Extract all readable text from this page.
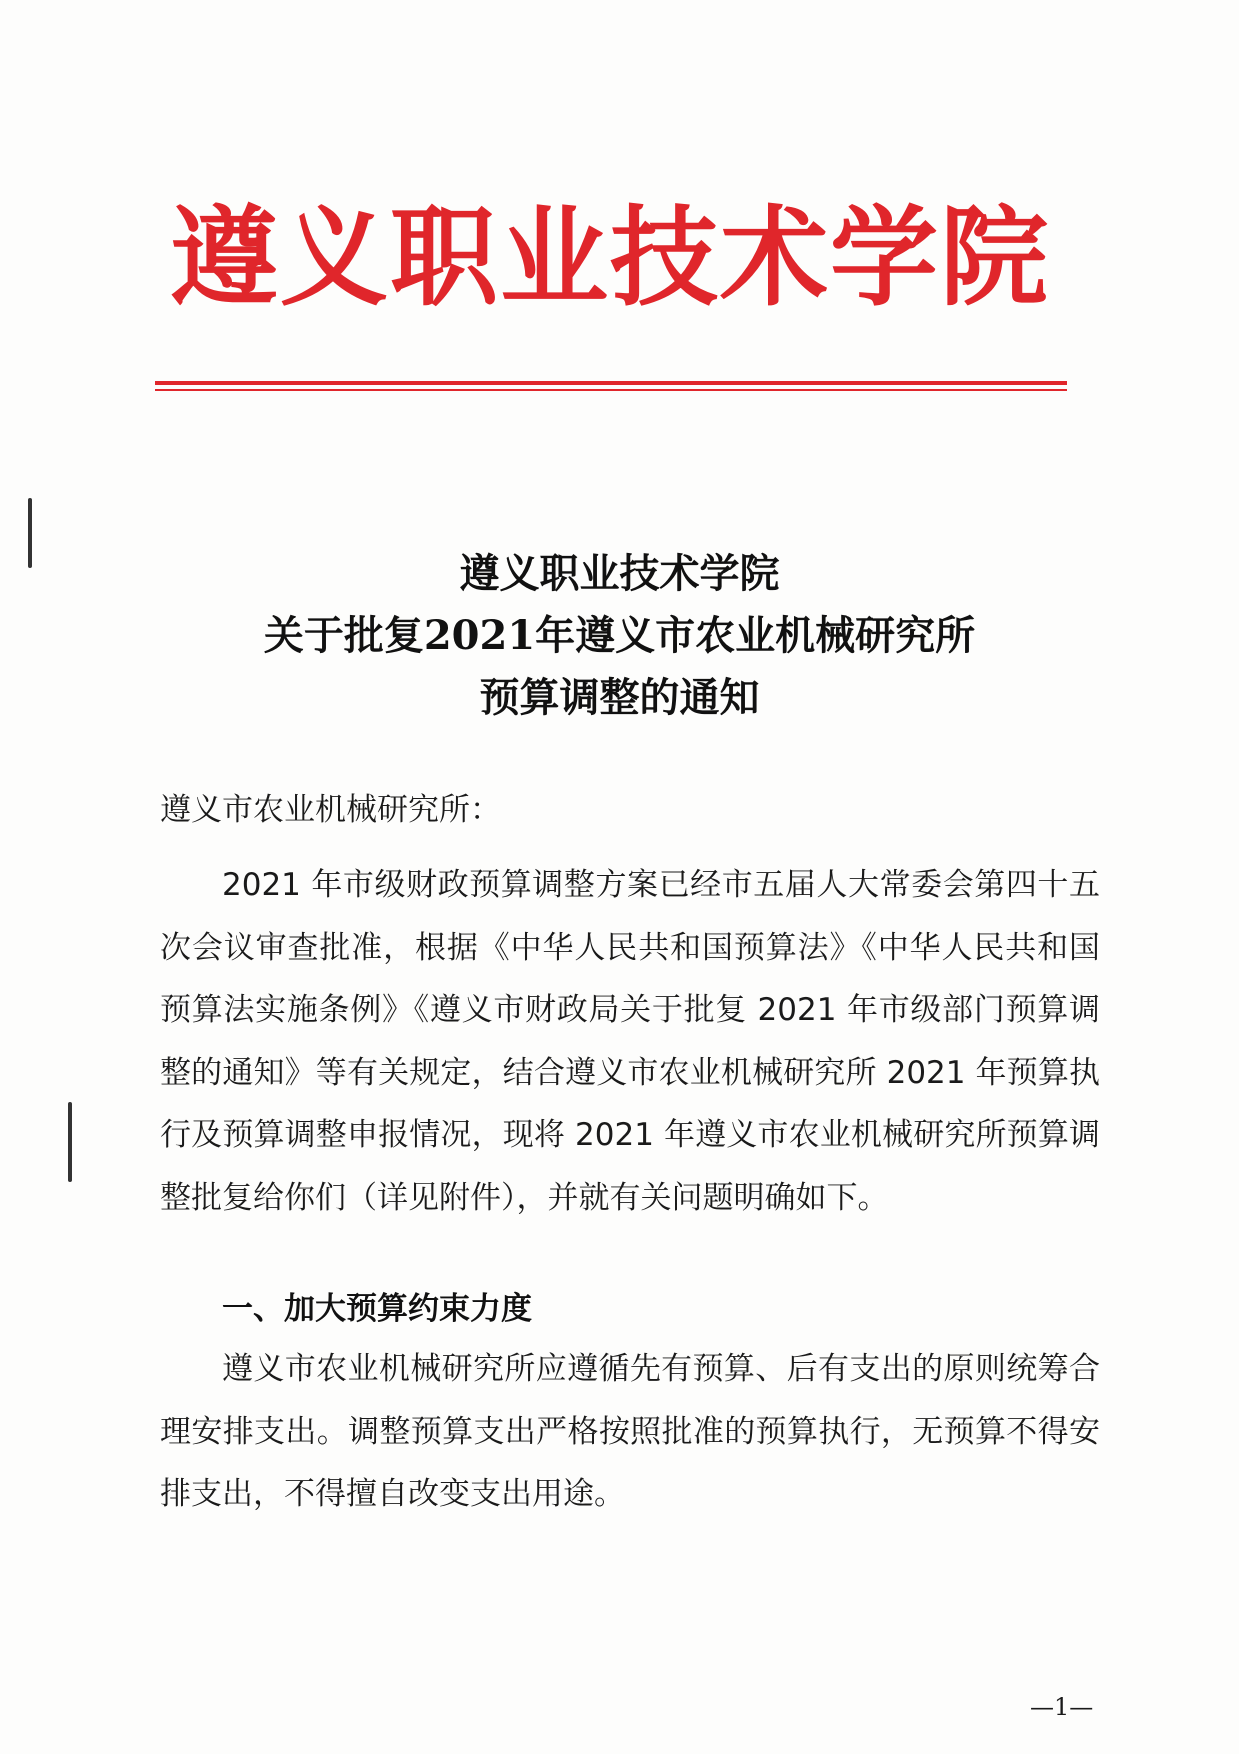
遵义职业技术学院
遵义职业技术学院
关于批复2021年遵义市农业机械研究所
预算调整的通知
遵义市农业机械研究所：

2021 年市级财政预算调整方案已经市五届人大常委会第四十五次会议审查批准，根据《中华人民共和国预算法》《中华人民共和国预算法实施条例》《遵义市财政局关于批复 2021 年市级部门预算调整的通知》等有关规定，结合遵义市农业机械研究所 2021 年预算执行及预算调整申报情况，现将 2021 年遵义市农业机械研究所预算调整批复给你们（详见附件），并就有关问题明确如下。

一、加大预算约束力度

遵义市农业机械研究所应遵循先有预算、后有支出的原则统筹合理安排支出。调整预算支出严格按照批准的预算执行，无预算不得安排支出，不得擅自改变支出用途。

—1—
